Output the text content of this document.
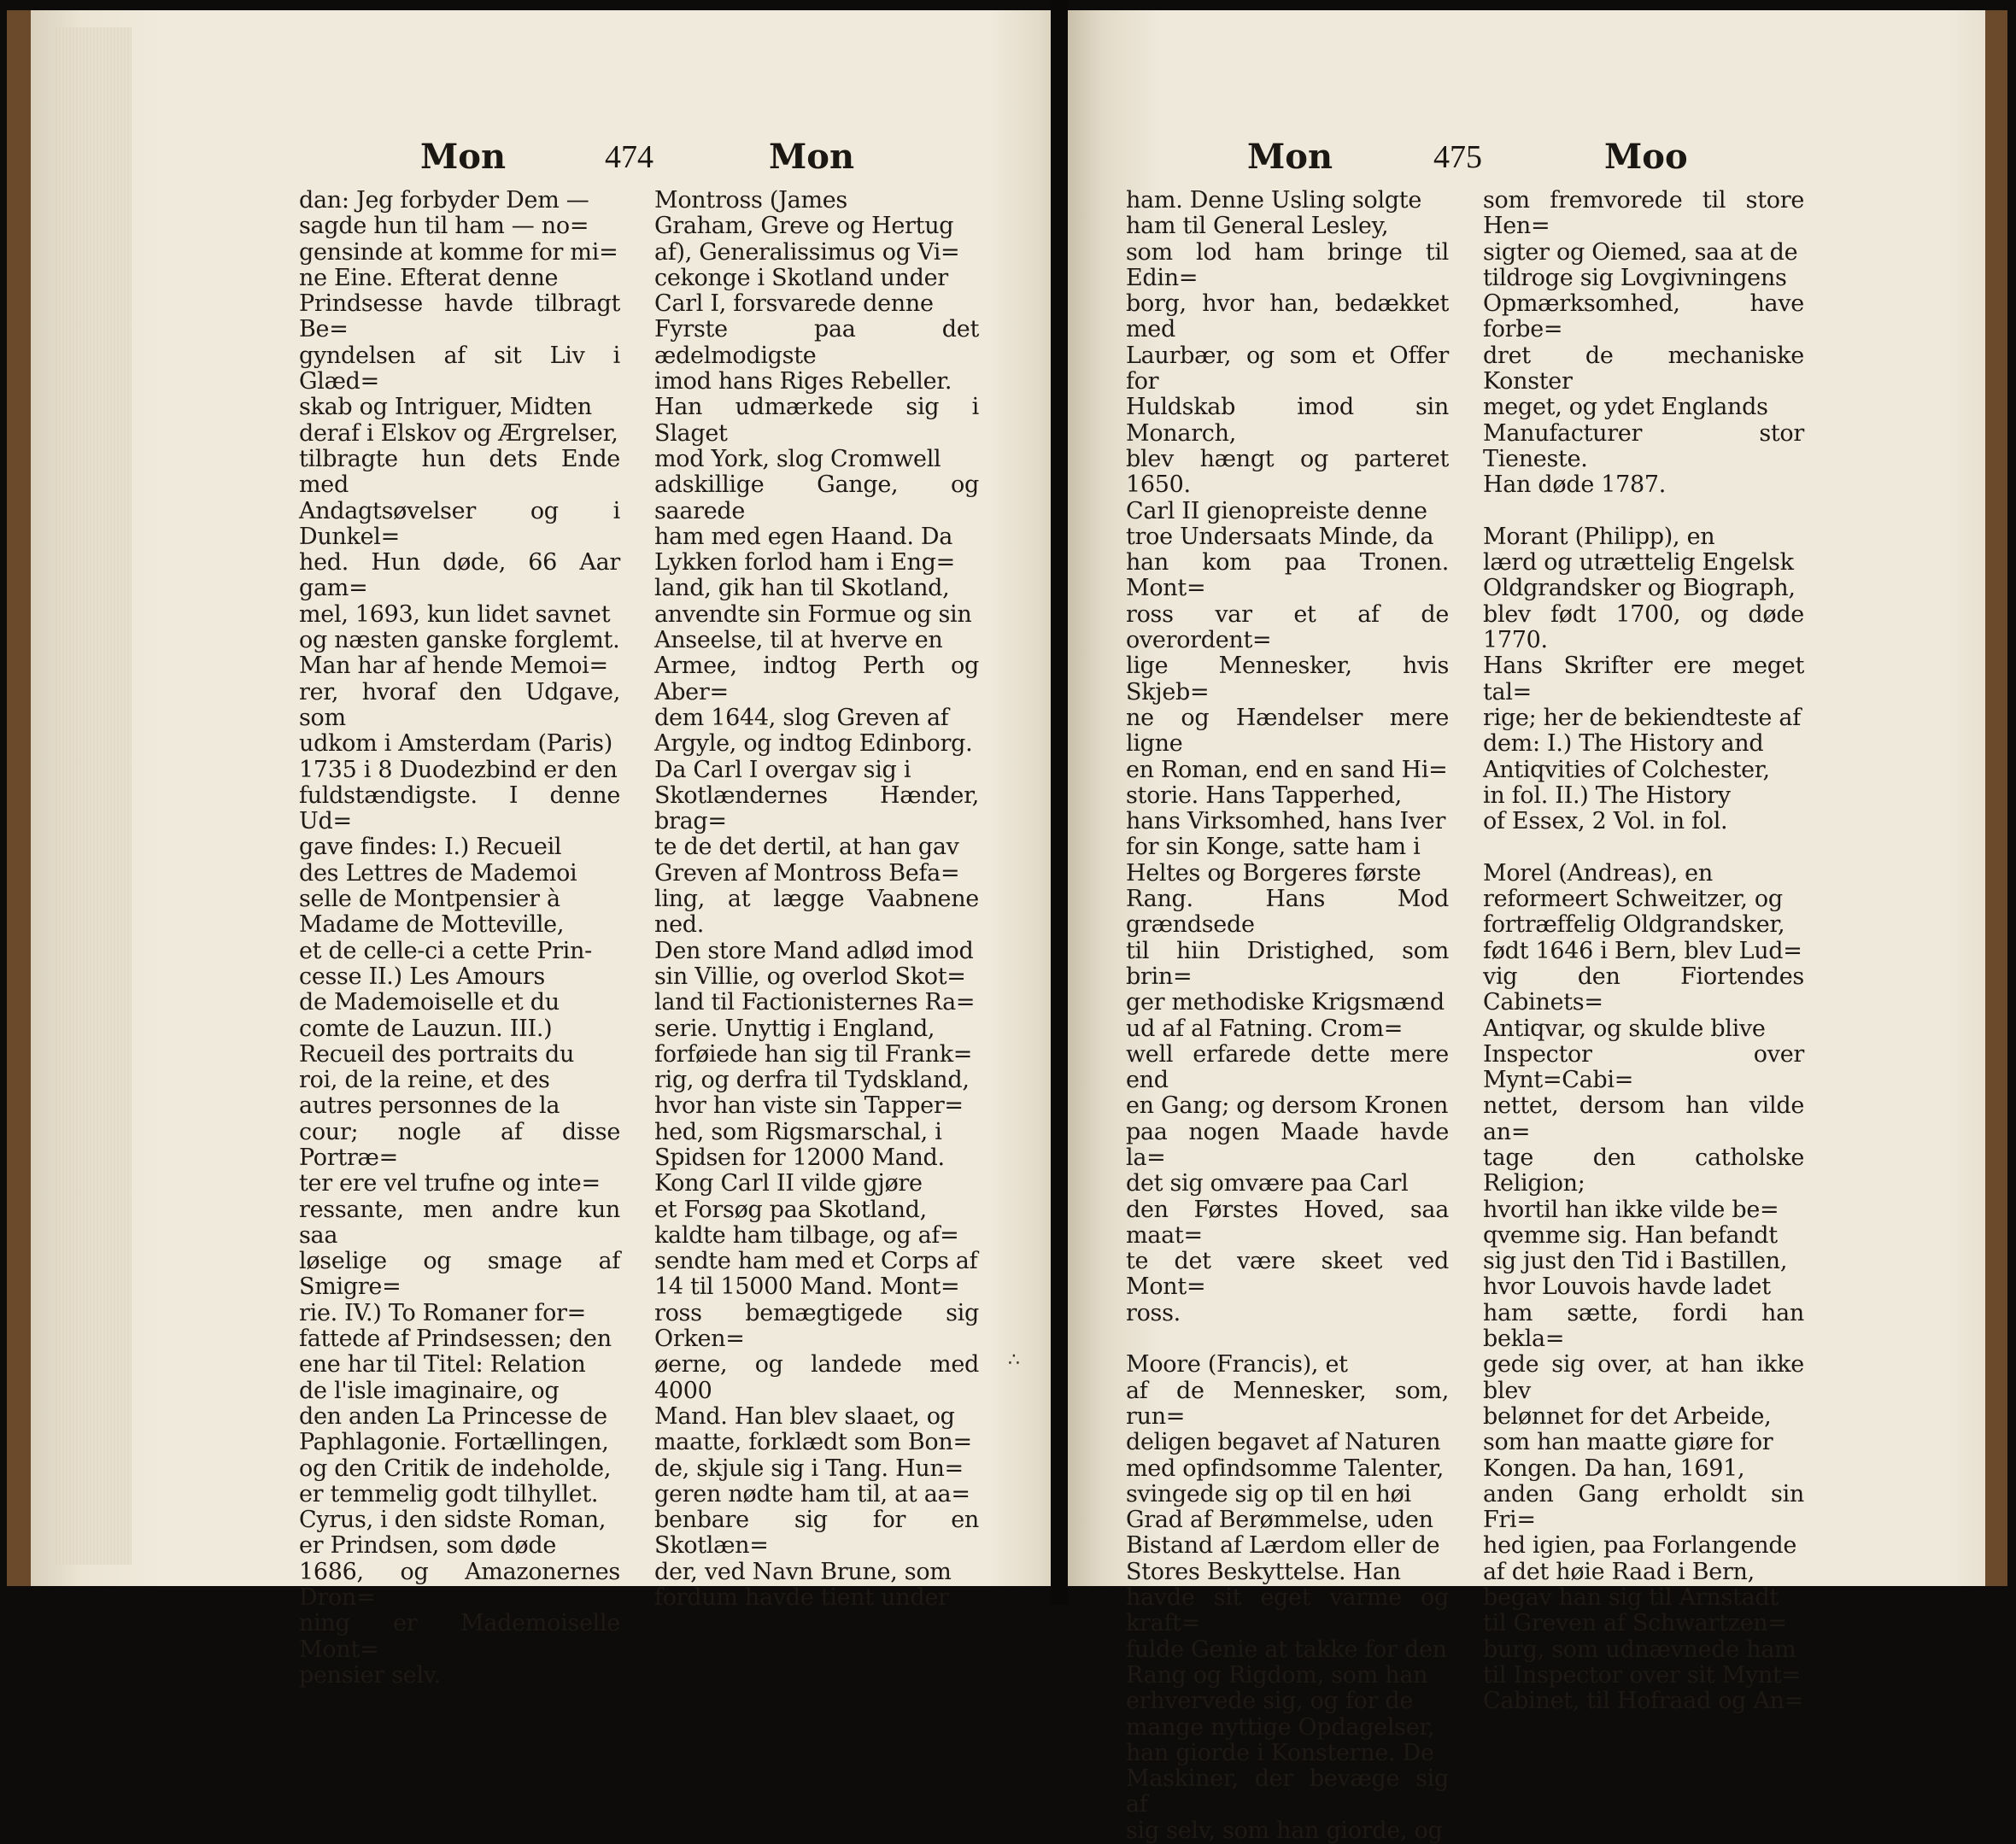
Mon	474	Mon
dan: Jeg forbyder Dem —
sagde hun til ham — no=
gensinde at komme for mi=
ne Eine. Efterat denne
Prindsesse havde tilbragt Be=
gyndelsen af sit Liv i Glæd=
skab og Intriguer, Midten
deraf i Elskov og Ærgrelser,
tilbragte hun dets Ende med
Andagtsøvelser og i Dunkel=
hed. Hun døde, 66 Aar gam=
mel, 1693, kun lidet savnet
og næsten ganske forglemt.
Man har af hende Memoi=
rer, hvoraf den Udgave, som
udkom i Amsterdam (Paris)
1735 i 8 Duodezbind er den
fuldstændigste. I denne Ud=
gave findes: I.) Recueil
des Lettres de Mademoi
selle de Montpensier à
Madame de Motteville,
et de celle-ci a cette Prin-
cesse II.) Les Amours
de Mademoiselle et du
comte de Lauzun. III.)
Recueil des portraits du
roi, de la reine, et des
autres personnes de la
cour; nogle af disse Portræ=
ter ere vel trufne og inte=
ressante, men andre kun saa
løselige og smage af Smigre=
rie. IV.) To Romaner for=
fattede af Prindsessen; den
ene har til Titel: Relation
de l'isle imaginaire, og
den anden La Princesse de
Paphlagonie. Fortællingen,
og den Critik de indeholde,
er temmelig godt tilhyllet.
Cyrus, i den sidste Roman,
er Prindsen, som døde
1686, og Amazonernes Dron=
ning er Mademoiselle Mont=
pensier selv.
Montross (James
Graham, Greve og Hertug
af), Generalissimus og Vi=
cekonge i Skotland under
Carl I, forsvarede denne
Fyrste paa det ædelmodigste
imod hans Riges Rebeller.
Han udmærkede sig i Slaget
mod York, slog Cromwell
adskillige Gange, og saarede
ham med egen Haand. Da
Lykken forlod ham i Eng=
land, gik han til Skotland,
anvendte sin Formue og sin
Anseelse, til at hverve en
Armee, indtog Perth og Aber=
dem 1644, slog Greven af
Argyle, og indtog Edinborg.
Da Carl I overgav sig i
Skotlændernes Hænder, brag=
te de det dertil, at han gav
Greven af Montross Befa=
ling, at lægge Vaabnene ned.
Den store Mand adlød imod
sin Villie, og overlod Skot=
land til Factionisternes Ra=
serie. Unyttig i England,
forføiede han sig til Frank=
rig, og derfra til Tydskland,
hvor han viste sin Tapper=
hed, som Rigsmarschal, i
Spidsen for 12000 Mand.
Kong Carl II vilde gjøre
et Forsøg paa Skotland,
kaldte ham tilbage, og af=
sendte ham med et Corps af
14 til 15000 Mand. Mont=
ross bemægtigede sig Orken=
øerne, og landede med 4000
Mand. Han blev slaaet, og
maatte, forklædt som Bon=
de, skjule sig i Tang. Hun=
geren nødte ham til, at aa=
benbare sig for en Skotlæn=
der, ved Navn Brune, som
fordum havde tient under
∴
Mon	475	Moo
ham. Denne Usling solgte
ham til General Lesley,
som lod ham bringe til Edin=
borg, hvor han, bedækket med
Laurbær, og som et Offer for
Huldskab imod sin Monarch,
blev hængt og parteret 1650.
Carl II gienopreiste denne
troe Undersaats Minde, da
han kom paa Tronen. Mont=
ross var et af de overordent=
lige Mennesker, hvis Skjeb=
ne og Hændelser mere ligne
en Roman, end en sand Hi=
storie. Hans Tapperhed,
hans Virksomhed, hans Iver
for sin Konge, satte ham i
Heltes og Borgeres første
Rang. Hans Mod grændsede
til hiin Dristighed, som brin=
ger methodiske Krigsmænd
ud af al Fatning. Crom=
well erfarede dette mere end
en Gang; og dersom Kronen
paa nogen Maade havde la=
det sig omvære paa Carl
den Førstes Hoved, saa maat=
te det være skeet ved Mont=
ross.

Moore (Francis), et
af de Mennesker, som, run=
deligen begavet af Naturen
med opfindsomme Talenter,
svingede sig op til en høi
Grad af Berømmelse, uden
Bistand af Lærdom eller de
Stores Beskyttelse. Han
havde sit eget varme og kraft=
fulde Genie at takke for den
Rang og Rigdom, som han
erhvervede sig, og for de
mange nyttige Opdagelser,
han giorde i Konsterne. De
Maskiner, der bevæge sig af
sig selv, som han giorde, og
som fremvorede til store Hen=
sigter og Oiemed, saa at de
tildroge sig Lovgivningens
Opmærksomhed, have forbe=
dret de mechaniske Konster
meget, og ydet Englands
Manufacturer stor Tieneste.
Han døde 1787.

Morant (Philipp), en
lærd og utrættelig Engelsk
Oldgrandsker og Biograph,
blev født 1700, og døde 1770.
Hans Skrifter ere meget tal=
rige; her de bekiendteste af
dem: I.) The History and
Antiqvities of Colchester,
in fol. II.) The History
of Essex, 2 Vol. in fol.

Morel (Andreas), en
reformeert Schweitzer, og
fortræffelig Oldgrandsker,
født 1646 i Bern, blev Lud=
vig den Fiortendes Cabinets=
Antiqvar, og skulde blive
Inspector over Mynt=Cabi=
nettet, dersom han vilde an=
tage den catholske Religion;
hvortil han ikke vilde be=
qvemme sig. Han befandt
sig just den Tid i Bastillen,
hvor Louvois havde ladet
ham sætte, fordi han bekla=
gede sig over, at han ikke blev
belønnet for det Arbeide,
som han maatte giøre for
Kongen. Da han, 1691,
anden Gang erholdt sin Fri=
hed igien, paa Forlangende
af det høie Raad i Bern,
begav han sig til Arnstadt
til Greven af Schwartzen=
burg, som udnævnede ham
til Inspector over sit Mynt=
Cabinet, til Hofraad og An=
